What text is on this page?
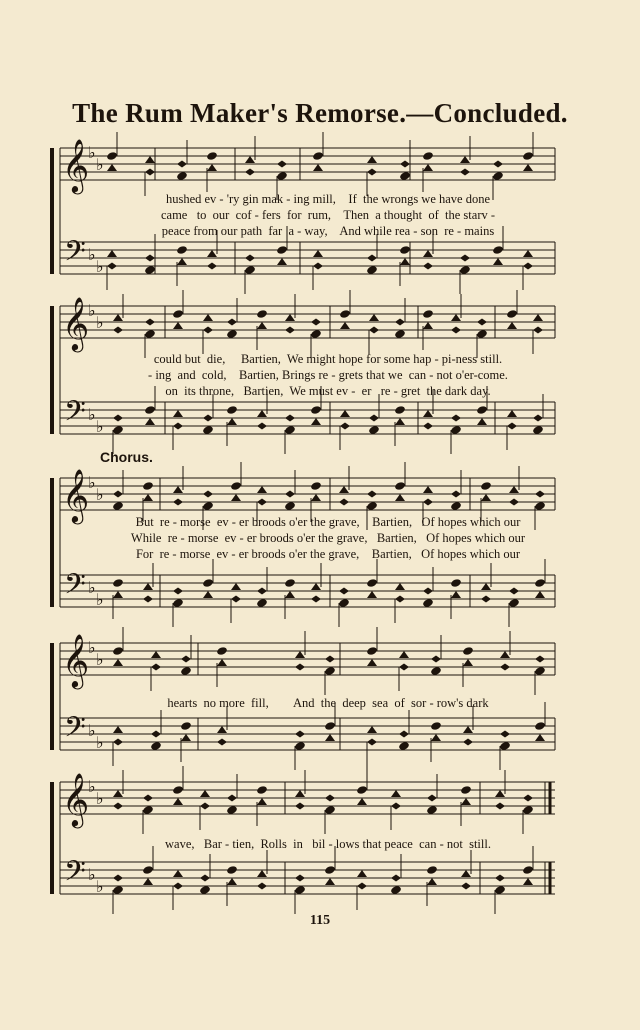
The Rum Maker's Remorse.—Concluded.
𝄞
𝄢
♭
♭
♭
♭
𝄞
𝄢
♭
♭
♭
♭
𝄞
𝄢
♭
♭
♭
♭
𝄞
𝄢
♭
♭
♭
♭
𝄞
𝄢
♭
♭
♭
♭
Chorus.
hushed ev - 'ry gin mak - ing mill,    If  the wrongs we have done
came   to  our  cof - fers  for  rum,    Then  a thought  of  the starv -
peace from our path  far  a - way,    And while rea - son  re - mains
could but  die,     Bartien,  We might hope for some hap - pi-ness still.
- ing  and  cold,    Bartien, Brings re - grets that we  can - not o'er-come.
on  its throne,   Bartien,  We must ev -  er   re - gret  the dark day.
But  re - morse  ev - er broods o'er the grave,    Bartien,   Of hopes which our
While  re - morse  ev - er broods o'er the grave,   Bartien,   Of hopes which our
For  re - morse  ev - er broods o'er the grave,    Bartien,   Of hopes which our
hearts  no more  fill,        And  the  deep  sea  of  sor - row's dark
wave,   Bar - tien,  Rolls  in   bil - lows that peace  can - not  still.
115
